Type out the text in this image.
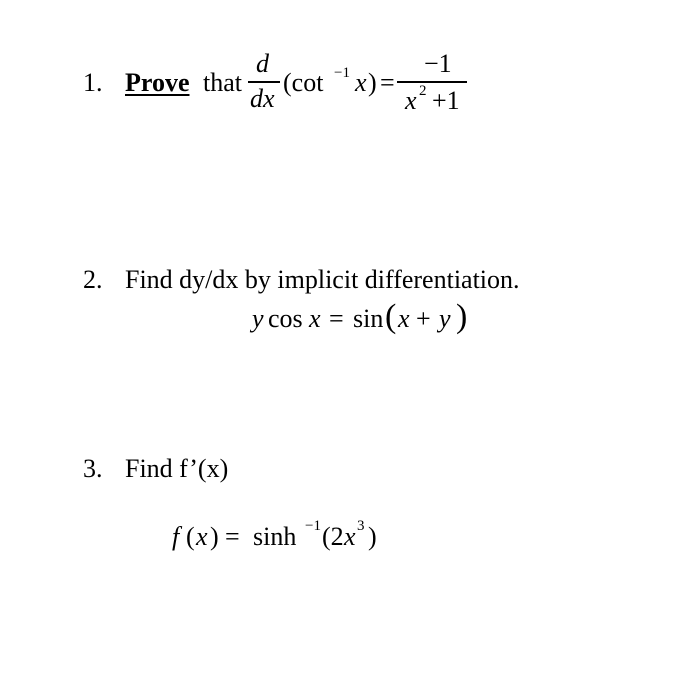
1. Prove that
d
dx
(cot −1 x ) =
−1
x 2 +1
2. Find dy/dx by implicit differentiation.
y cos x = sin ( x + y )
3. Find f’(x)
f ( x ) = sinh −1 (2 x 3 )
